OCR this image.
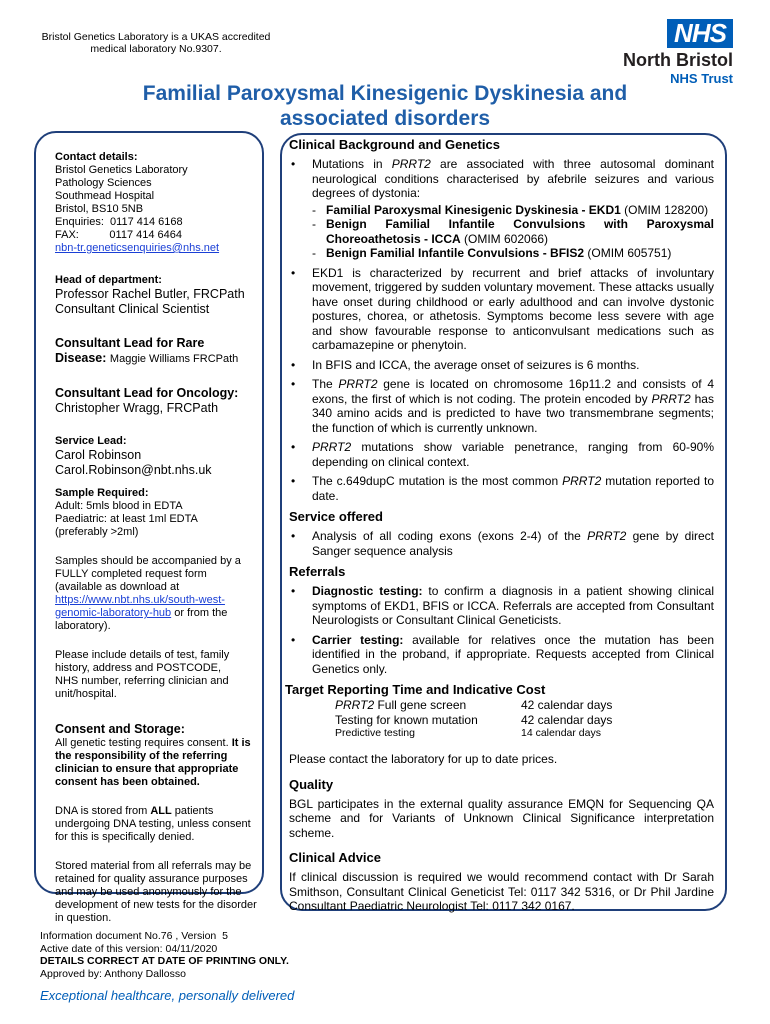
Bristol Genetics Laboratory is a UKAS accredited
medical laboratory No.9307.
NHS
North Bristol
NHS Trust
Familial Paroxysmal Kinesigenic Dyskinesia and
associated disorders

Contact details:

Bristol Genetics Laboratory

Pathology Sciences

Southmead Hospital

Bristol, BS10 5NB

Enquiries:  0117 414 6168

FAX:          0117 414 6464

nbn-tr.geneticsenquiries@nhs.net

Head of department:

Professor Rachel Butler, FRCPath

Consultant Clinical Scientist

Consultant Lead for Rare

Disease: Maggie Williams FRCPath

Consultant Lead for Oncology:

Christopher Wragg, FRCPath

Service Lead:

Carol Robinson

Carol.Robinson@nbt.nhs.uk

Sample Required:

Adult: 5mls blood in EDTA

Paediatric: at least 1ml EDTA

(preferably >2ml)

Samples should be accompanied by a

FULLY completed request form

(available as download at

https://www.nbt.nhs.uk/south-west-

genomic-laboratory-hub or from the

laboratory).

Please include details of test, family

history, address and POSTCODE,

NHS number, referring clinician and

unit/hospital.

Consent and Storage:

All genetic testing requires consent. It is the responsibility of the referring clinician to ensure that appropriate consent has been obtained.

DNA is stored from ALL patients undergoing DNA testing, unless consent for this is specifically denied.

Stored material from all referrals may be retained for quality assurance purposes and may be used anonymously for the development of new tests for the disorder in question.

Clinical Background and Genetics
• Mutations in PRRT2 are associated with three autosomal dominant neurological conditions characterised by afebrile seizures and various degrees of dystonia:
- Familial Paroxysmal Kinesigenic Dyskinesia - EKD1 (OMIM 128200)
- Benign Familial Infantile Convulsions with Paroxysmal Choreoathetosis - ICCA (OMIM 602066)
- Benign Familial Infantile Convulsions - BFIS2 (OMIM 605751)
• EKD1 is characterized by recurrent and brief attacks of involuntary movement, triggered by sudden voluntary movement. These attacks usually have onset during childhood or early adulthood and can involve dystonic postures, chorea, or athetosis. Symptoms become less severe with age and show favourable response to anticonvulsant medications such as carbamazepine or phenytoin.
• In BFIS and ICCA, the average onset of seizures is 6 months.
• The PRRT2 gene is located on chromosome 16p11.2 and consists of 4 exons, the first of which is not coding. The protein encoded by PRRT2 has 340 amino acids and is predicted to have two transmembrane segments; the function of which is currently unknown.
• PRRT2 mutations show variable penetrance, ranging from 60-90% depending on clinical context.
• The c.649dupC mutation is the most common PRRT2 mutation reported to date.
Service offered
• Analysis of all coding exons (exons 2-4) of the PRRT2 gene by direct Sanger sequence analysis
Referrals
• Diagnostic testing: to confirm a diagnosis in a patient showing clinical symptoms of EKD1, BFIS or ICCA. Referrals are accepted from Consultant Neurologists or Consultant Clinical Geneticists.
• Carrier testing: available for relatives once the mutation has been identified in the proband, if appropriate. Requests accepted from Clinical Genetics only.
Target Reporting Time and Indicative Cost
PRRT2 Full gene screen	42 calendar days
Testing for known mutation	42 calendar days
Predictive testing	14 calendar days

Please contact the laboratory for up to date prices.

Quality

BGL participates in the external quality assurance EMQN for Sequencing QA scheme and for Variants of Unknown Clinical Significance interpretation scheme.

Clinical Advice

If clinical discussion is required we would recommend contact with Dr Sarah Smithson, Consultant Clinical Geneticist Tel: 0117 342 5316, or Dr Phil Jardine Consultant Paediatric Neurologist Tel: 0117 342 0167.

Information document No.76 , Version  5
Active date of this version: 04/11/2020
DETAILS CORRECT AT DATE OF PRINTING ONLY.
Approved by: Anthony Dallosso
Exceptional healthcare, personally delivered
